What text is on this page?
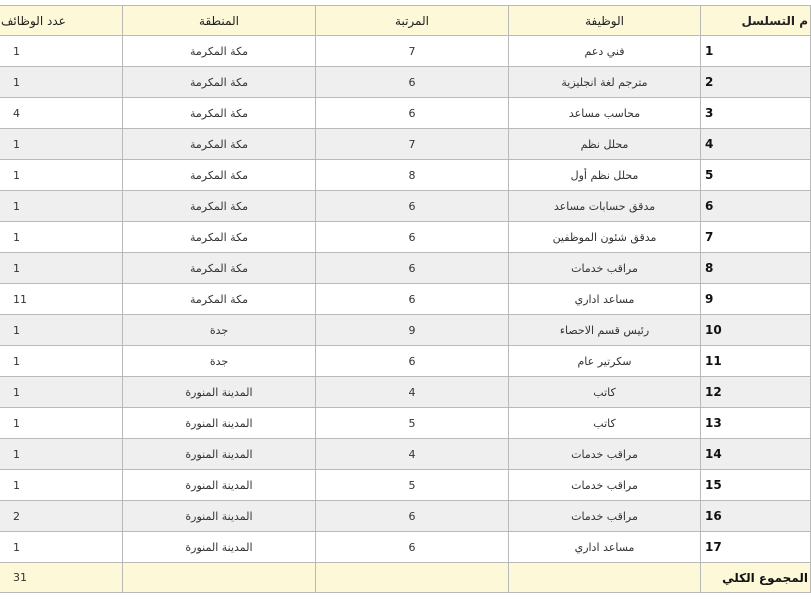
م التسلسل	الوظيفة	المرتبة	المنطقة	عدد الوظائف
1	فني دعم	7	مكة المكرمة	1
2	مترجم لغة انجليزية	6	مكة المكرمة	1
3	محاسب مساعد	6	مكة المكرمة	4
4	محلل نظم	7	مكة المكرمة	1
5	محلل نظم أول	8	مكة المكرمة	1
6	مدقق حسابات مساعد	6	مكة المكرمة	1
7	مدقق شئون الموظفين	6	مكة المكرمة	1
8	مراقب خدمات	6	مكة المكرمة	1
9	مساعد اداري	6	مكة المكرمة	11
10	رئيس قسم الاحصاء	9	جدة	1
11	سكرتير عام	6	جدة	1
12	كاتب	4	المدينة المنورة	1
13	كاتب	5	المدينة المنورة	1
14	مراقب خدمات	4	المدينة المنورة	1
15	مراقب خدمات	5	المدينة المنورة	1
16	مراقب خدمات	6	المدينة المنورة	2
17	مساعد اداري	6	المدينة المنورة	1
المجموع الكلي				31
